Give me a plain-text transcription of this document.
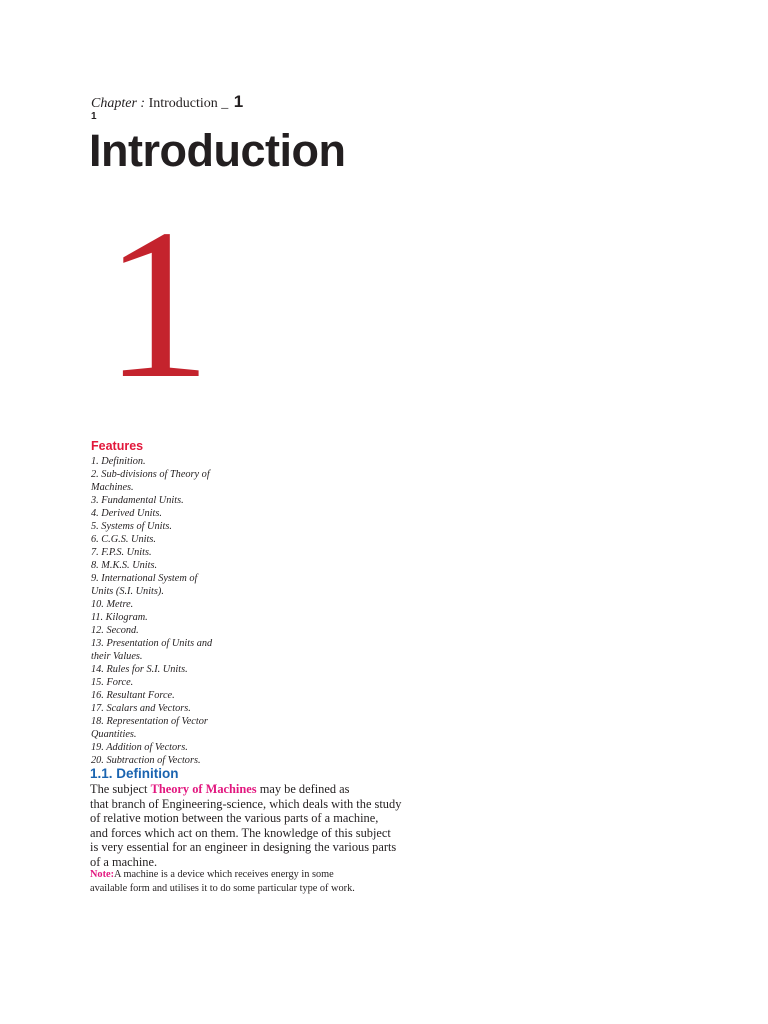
Chapter : Introduction _ 1
1
Introduction
1
Features
1. Definition.
2. Sub-divisions of Theory of
Machines.
3. Fundamental Units.
4. Derived Units.
5. Systems of Units.
6. C.G.S. Units.
7. F.P.S. Units.
8. M.K.S. Units.
9. International System of
Units (S.I. Units).
10. Metre.
11. Kilogram.
12. Second.
13. Presentation of Units and
their Values.
14. Rules for S.I. Units.
15. Force.
16. Resultant Force.
17. Scalars and Vectors.
18. Representation of Vector
Quantities.
19. Addition of Vectors.
20. Subtraction of Vectors.
1.1. Definition

The subject Theory of Machines may be defined as
that branch of Engineering-science, which deals with the study
of relative motion between the various parts of a machine,
and forces which act on them. The knowledge of this subject
is very essential for an engineer in designing the various parts
of a machine.

Note:A machine is a device which receives energy in some
available form and utilises it to do some particular type of work.
